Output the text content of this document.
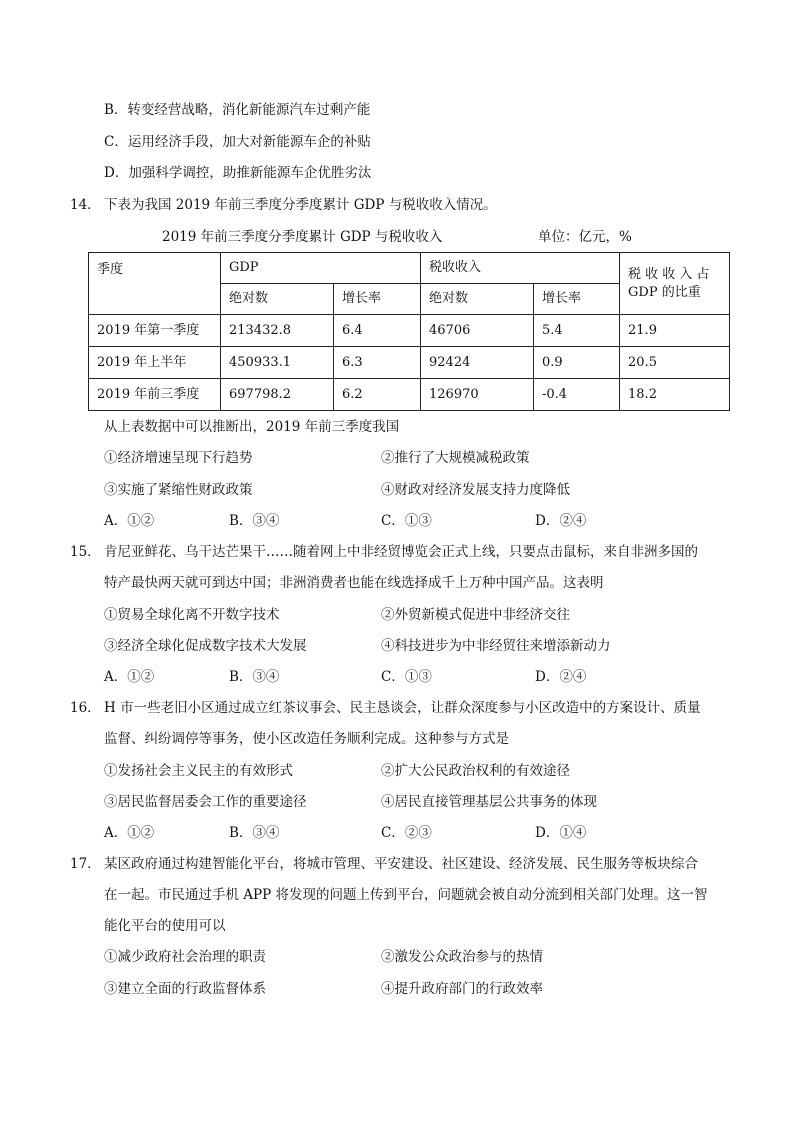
B．转变经营战略，消化新能源汽车过剩产能
C．运用经济手段，加大对新能源车企的补贴
D．加强科学调控，助推新能源车企优胜劣汰
14． 下表为我国 2019 年前三季度分季度累计 GDP 与税收收入情况。
2019 年前三季度分季度累计 GDP 与税收收入	单位：亿元，%
季度	GDP		税收收入		税 收 收 入 占 GDP 的比重
	绝对数	增长率	绝对数	增长率	
2019 年第一季度	213432.8	6.4	46706	5.4	21.9
2019 年上半年	450933.1	6.3	92424	0.9	20.5
2019 年前三季度	697798.2	6.2	126970	-0.4	18.2
从上表数据中可以推断出，2019 年前三季度我国
①经济增速呈现下行趋势	②推行了大规模减税政策
③实施了紧缩性财政政策	④财政对经济发展支持力度降低
A．①②	B．③④	C．①③	D．②④
15． 肯尼亚鲜花、乌干达芒果干……随着网上中非经贸博览会正式上线，只要点击鼠标，来自非洲多国的
特产最快两天就可到达中国；非洲消费者也能在线选择成千上万种中国产品。这表明
①贸易全球化离不开数字技术	②外贸新模式促进中非经济交往
③经济全球化促成数字技术大发展	④科技进步为中非经贸往来增添新动力
A．①②	B．③④	C．①③	D．②④
16． H 市一些老旧小区通过成立红茶议事会、民主恳谈会，让群众深度参与小区改造中的方案设计、质量
监督、纠纷调停等事务，使小区改造任务顺利完成。这种参与方式是
①发扬社会主义民主的有效形式	②扩大公民政治权利的有效途径
③居民监督居委会工作的重要途径	④居民直接管理基层公共事务的体现
A．①②	B．③④	C．②③	D．①④
17． 某区政府通过构建智能化平台，将城市管理、平安建设、社区建设、经济发展、民生服务等板块综合
在一起。市民通过手机 APP 将发现的问题上传到平台，问题就会被自动分流到相关部门处理。这一智
能化平台的使用可以
①减少政府社会治理的职责	②激发公众政治参与的热情
③建立全面的行政监督体系	④提升政府部门的行政效率
